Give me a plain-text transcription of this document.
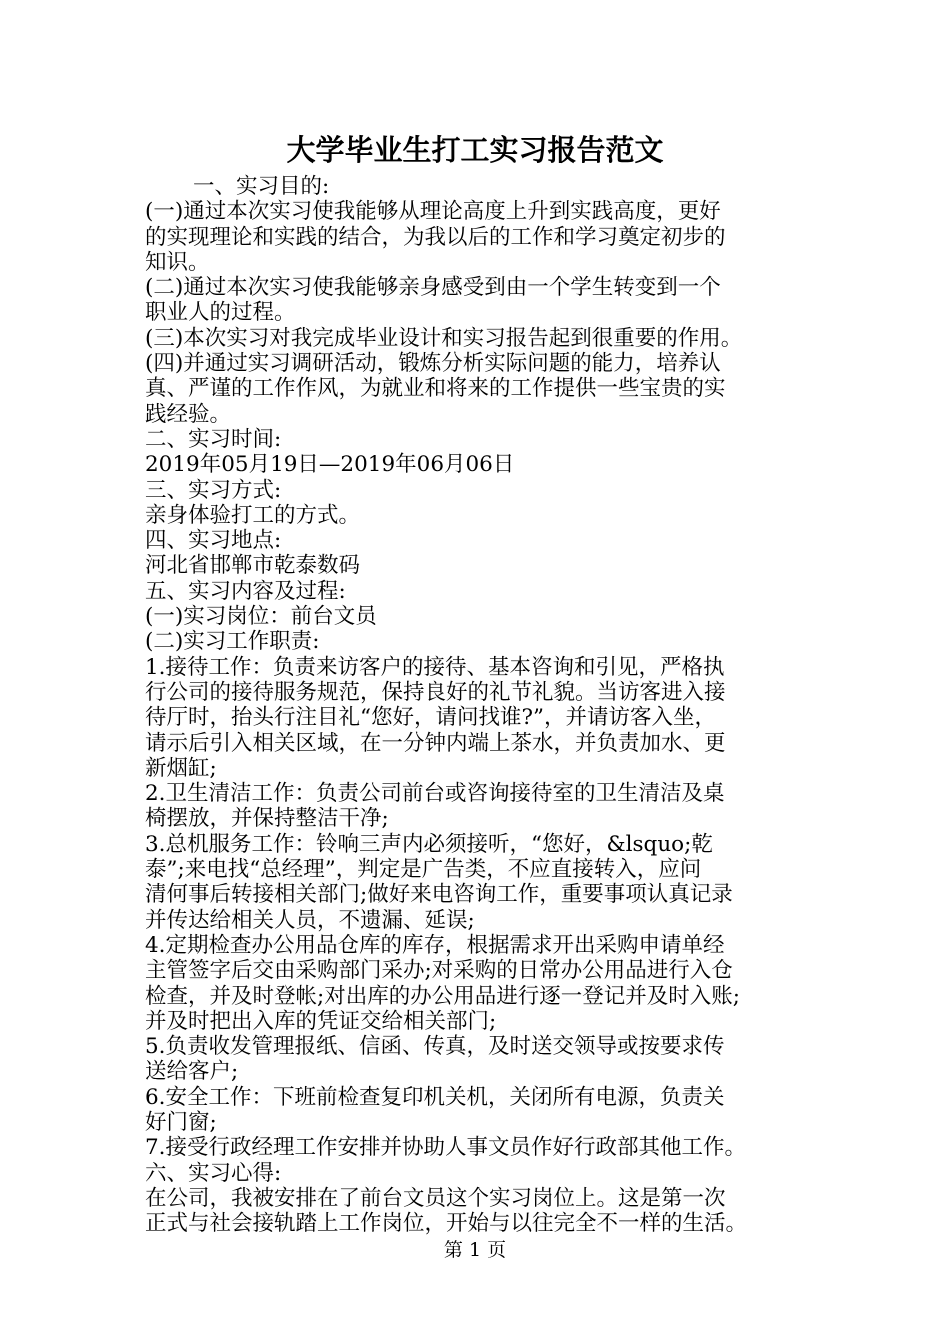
大学毕业生打工实习报告范文
一、实习目的:
(一)通过本次实习使我能够从理论高度上升到实践高度，更好
的实现理论和实践的结合，为我以后的工作和学习奠定初步的
知识。
(二)通过本次实习使我能够亲身感受到由一个学生转变到一个
职业人的过程。
(三)本次实习对我完成毕业设计和实习报告起到很重要的作用。
(四)并通过实习调研活动，锻炼分析实际问题的能力，培养认
真、严谨的工作作风，为就业和将来的工作提供一些宝贵的实
践经验。
二、实习时间:
2019年05月19日—2019年06月06日
三、实习方式:
亲身体验打工的方式。
四、实习地点:
河北省邯郸市乾泰数码
五、实习内容及过程:
(一)实习岗位：前台文员
(二)实习工作职责:
1.接待工作：负责来访客户的接待、基本咨询和引见，严格执
行公司的接待服务规范，保持良好的礼节礼貌。当访客进入接
待厅时，抬头行注目礼“您好，请问找谁?”，并请访客入坐，
请示后引入相关区域，在一分钟内端上茶水，并负责加水、更
新烟缸;
2.卫生清洁工作：负责公司前台或咨询接待室的卫生清洁及桌
椅摆放，并保持整洁干净;
3.总机服务工作：铃响三声内必须接听，“您好，&lsquo;乾
泰”;来电找“总经理”，判定是广告类，不应直接转入，应问
清何事后转接相关部门;做好来电咨询工作，重要事项认真记录
并传达给相关人员，不遗漏、延误;
4.定期检查办公用品仓库的库存，根据需求开出采购申请单经
主管签字后交由采购部门采办;对采购的日常办公用品进行入仓
检查，并及时登帐;对出库的办公用品进行逐一登记并及时入账;
并及时把出入库的凭证交给相关部门;
5.负责收发管理报纸、信函、传真，及时送交领导或按要求传
送给客户;
6.安全工作：下班前检查复印机关机，关闭所有电源，负责关
好门窗;
7.接受行政经理工作安排并协助人事文员作好行政部其他工作。
六、实习心得:
在公司，我被安排在了前台文员这个实习岗位上。这是第一次
正式与社会接轨踏上工作岗位，开始与以往完全不一样的生活。
第 1 页
